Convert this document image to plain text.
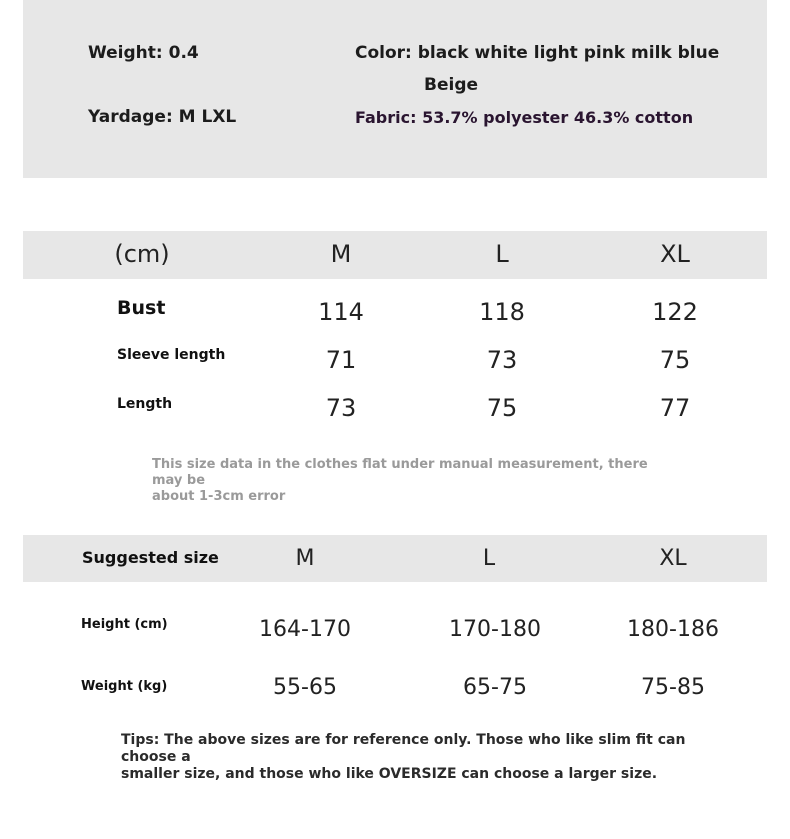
Weight: 0.4	Color: black white light pink milk blue
Beige
Yardage: M LXL	Fabric: 53.7% polyester 46.3% cotton
(cm)	M	L	XL
Bust	114	118	122
Sleeve length	71	73	75
Length	73	75	77
This size data in the clothes flat under manual measurement, there may be
about 1-3cm error
Suggested size	M	L	XL
Height (cm)	164-170	170-180	180-186
Weight (kg)	55-65	65-75	75-85
Tips: The above sizes are for reference only. Those who like slim fit can choose a
smaller size, and those who like OVERSIZE can choose a larger size.
